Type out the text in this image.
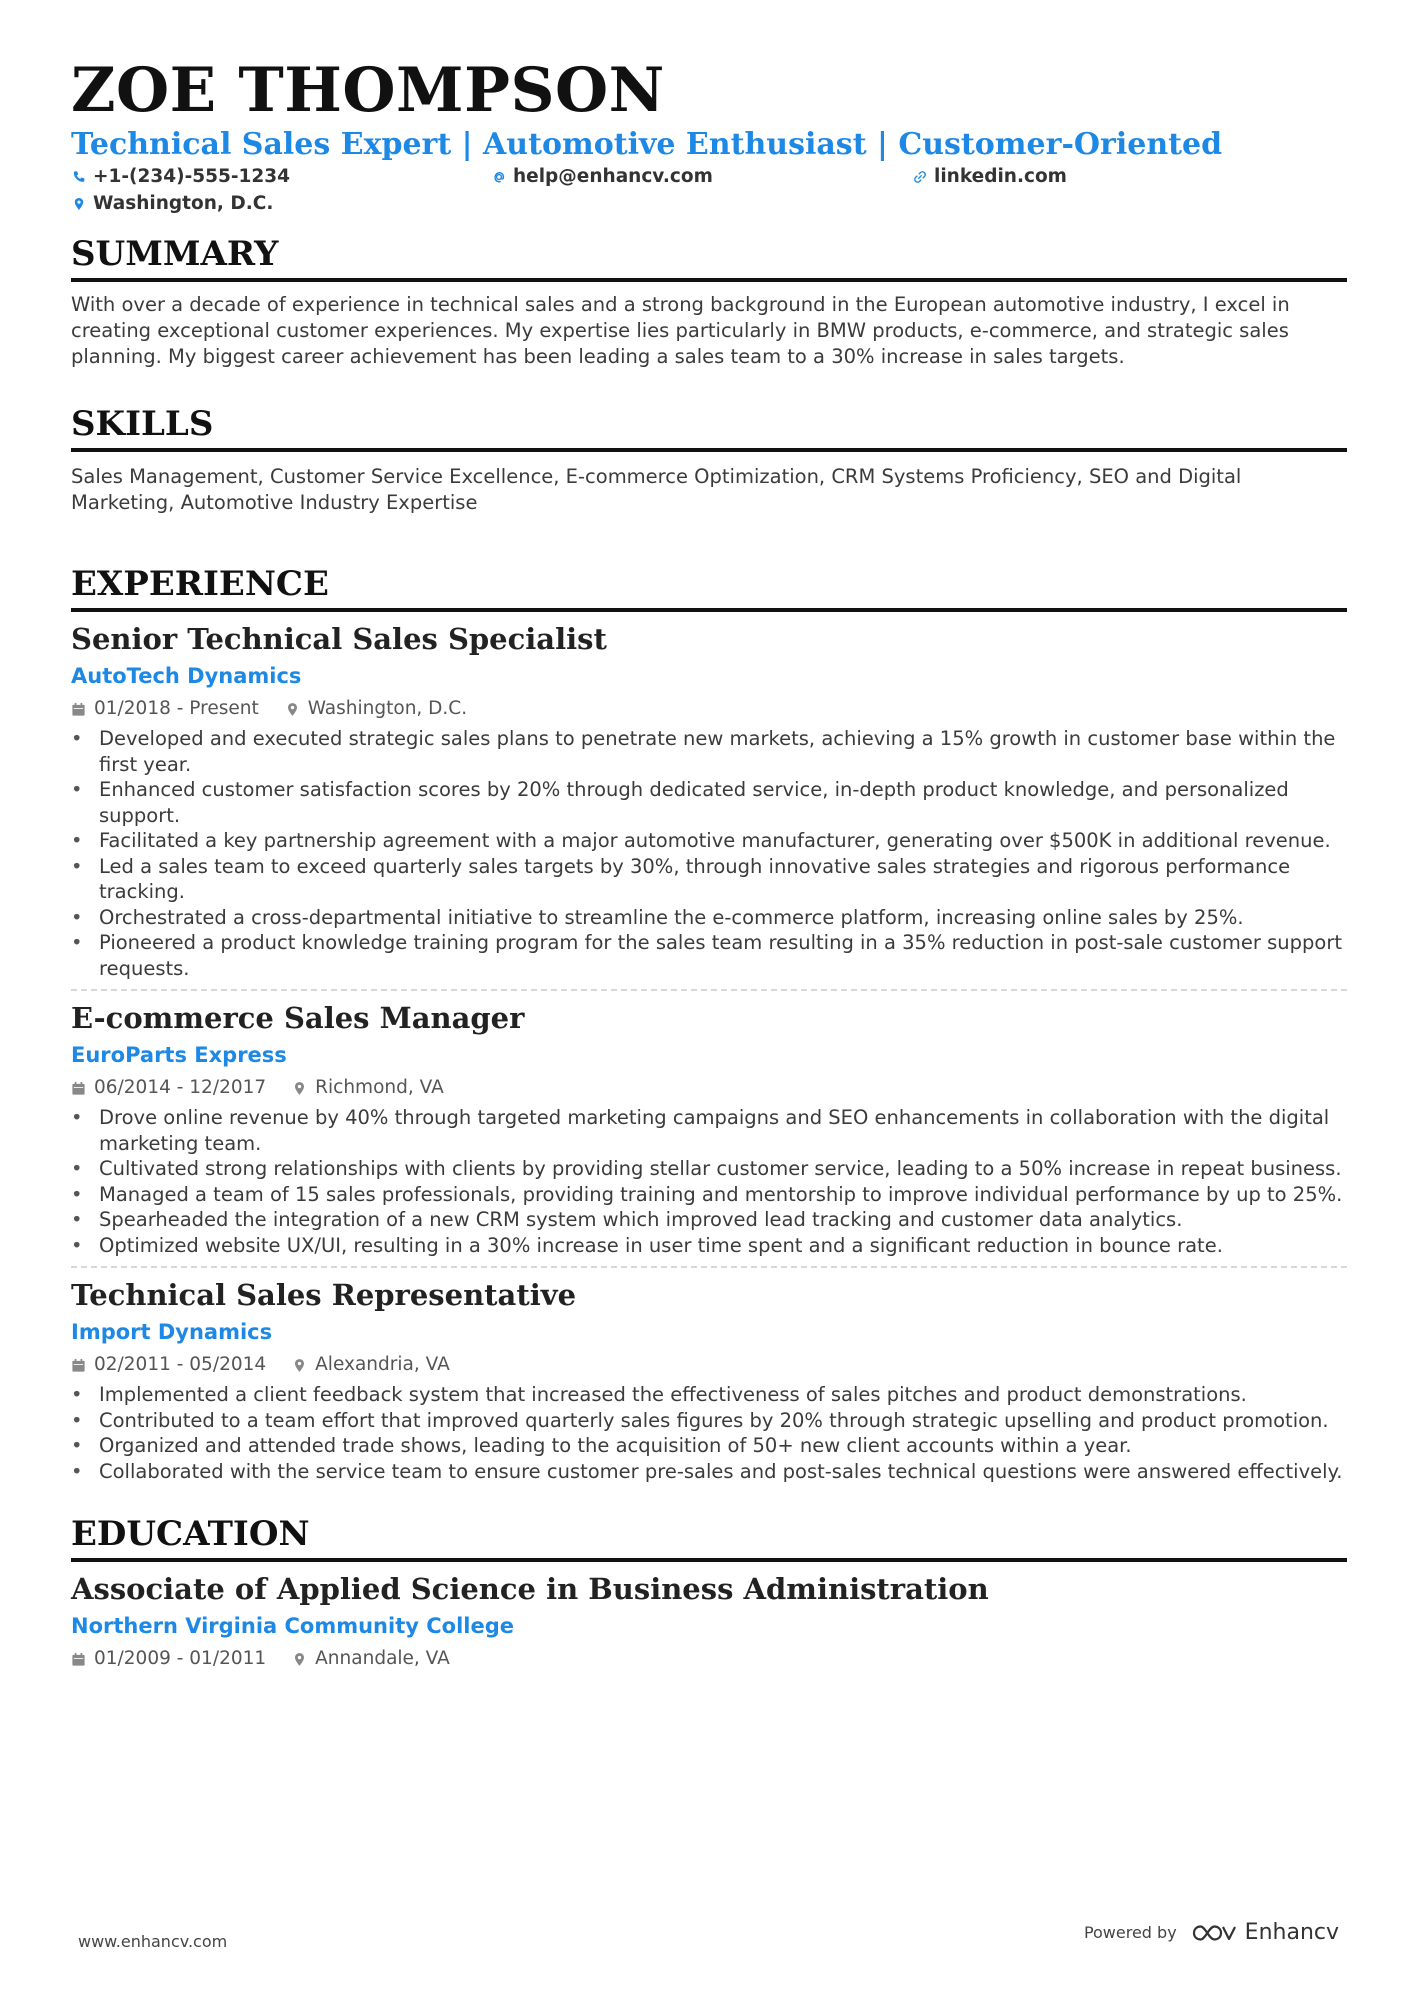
ZOE THOMPSON
Technical Sales Expert | Automotive Enthusiast | Customer-Oriented
+1-(234)-555-1234	help@enhancv.com	linkedin.com
Washington, D.C.
SUMMARY

With over a decade of experience in technical sales and a strong background in the European automotive industry, I excel in creating exceptional customer experiences. My expertise lies particularly in BMW products, e-commerce, and strategic sales planning. My biggest career achievement has been leading a sales team to a 30% increase in sales targets.

SKILLS

Sales Management, Customer Service Excellence, E-commerce Optimization, CRM Systems Proficiency, SEO and Digital Marketing, Automotive Industry Expertise

EXPERIENCE
Senior Technical Sales Specialist
AutoTech Dynamics
01/2018 - Present	Washington, D.C.
• Developed and executed strategic sales plans to penetrate new markets, achieving a 15% growth in customer base within the first year.
• Enhanced customer satisfaction scores by 20% through dedicated service, in-depth product knowledge, and personalized support.
• Facilitated a key partnership agreement with a major automotive manufacturer, generating over $500K in additional revenue.
• Led a sales team to exceed quarterly sales targets by 30%, through innovative sales strategies and rigorous performance tracking.
• Orchestrated a cross-departmental initiative to streamline the e-commerce platform, increasing online sales by 25%.
• Pioneered a product knowledge training program for the sales team resulting in a 35% reduction in post-sale customer support requests.
E-commerce Sales Manager
EuroParts Express
06/2014 - 12/2017	Richmond, VA
• Drove online revenue by 40% through targeted marketing campaigns and SEO enhancements in collaboration with the digital marketing team.
• Cultivated strong relationships with clients by providing stellar customer service, leading to a 50% increase in repeat business.
• Managed a team of 15 sales professionals, providing training and mentorship to improve individual performance by up to 25%.
• Spearheaded the integration of a new CRM system which improved lead tracking and customer data analytics.
• Optimized website UX/UI, resulting in a 30% increase in user time spent and a significant reduction in bounce rate.
Technical Sales Representative
Import Dynamics
02/2011 - 05/2014	Alexandria, VA
• Implemented a client feedback system that increased the effectiveness of sales pitches and product demonstrations.
• Contributed to a team effort that improved quarterly sales figures by 20% through strategic upselling and product promotion.
• Organized and attended trade shows, leading to the acquisition of 50+ new client accounts within a year.
• Collaborated with the service team to ensure customer pre-sales and post-sales technical questions were answered effectively.
EDUCATION
Associate of Applied Science in Business Administration
Northern Virginia Community College
01/2009 - 01/2011	Annandale, VA
www.enhancv.com	Powered by	Enhancv
